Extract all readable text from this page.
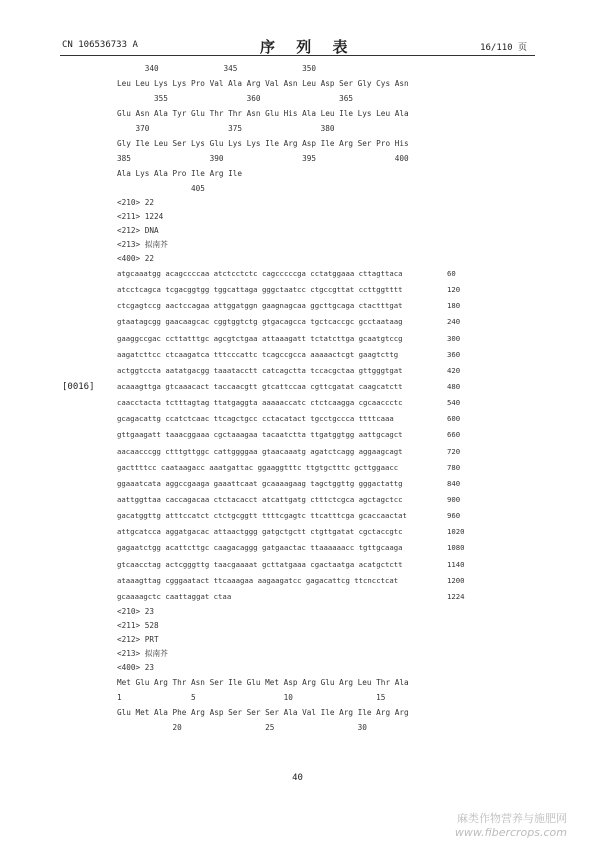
CN 106536733 A	序 列 表	16/110 页
[0016]
340              345              350
Leu Leu Lys Lys Pro Val Ala Arg Val Asn Leu Asp Ser Gly Cys Asn
355                 360                 365
Glu Asn Ala Tyr Glu Thr Thr Asn Glu His Ala Leu Ile Lys Leu Ala
370                 375                 380
Gly Ile Leu Ser Lys Glu Lys Lys Ile Arg Asp Ile Arg Ser Pro His
385                 390                 395                 400
Ala Lys Ala Pro Ile Arg Ile
405
<210> 22
<211> 1224
<212> DNA
<213> 拟南芥
<400> 22
atgcaaatgg acagccccaa atctcctctc cagcccccga cctatggaaa cttagttaca	60
atcctcagca tcgacggtgg tggcattaga gggctaatcc ctgccgttat ccttggtttt	120
ctcgagtccg aactccagaa attggatggn gaagnagcaa ggcttgcaga ctactttgat	180
gtaatagcgg gaacaagcac cggtggtctg gtgacagcca tgctcaccgc gcctaataag	240
gaaggccgac ccttatttgc agcgtctgaa attaaagatt tctatcttga gcaatgtccg	300
aagatcttcc ctcaagatca tttcccattc tcagccgcca aaaaactcgt gaagtcttg	360
actggtccta aatatgacgg taaatacctt catcagctta tccacgctaa gttgggtgat	420
acaaagttga gtcaaacact taccaacgtt gtcattccaa cgttcgatat caagcatctt	480
caacctacta tctttagtag ttatgaggta aaaaaccatc ctctcaagga cgcaaccctc	540
gcagacattg ccatctcaac ttcagctgcc cctacatact tgcctgccca ttttcaaa	600
gttgaagatt taaacggaaa cgctaaagaa tacaatctta ttgatggtgg aattgcagct	660
aacaacccgg ctttgttggc cattggggaa gtaacaaatg agatctcagg aggaagcagt	720
gacttttcc caataagacc aaatgattac ggaaggtttc ttgtgctttc gcttggaacc	780
ggaaatcata aggccgaaga gaaattcaat gcaaaagaag tagctggttg gggactattg	840
aattggttaa caccagacaa ctctacacct atcattgatg ctttctcgca agctagctcc	900
gacatggttg atttccatct ctctgcggtt ttttcgagtc ttcatttcga gcaccaactat	960
attgcatcca aggatgacac attaactggg gatgctgctt ctgttgatat cgctaccgtc	1020
gagaatctgg acattcttgc caagacaggg gatgaactac ttaaaaaacc tgttgcaaga	1080
gtcaacctag actcgggttg taacgaaaat gcttatgaaa cgactaatga acatgctctt	1140
ataaagttag cgggaatact ttcaaagaa aagaagatcc gagacattcg ttcncctcat	1200
gcaaaagctc caattaggat ctaa	1224
<210> 23
<211> 528
<212> PRT
<213> 拟南芥
<400> 23
Met Glu Arg Thr Asn Ser Ile Glu Met Asp Arg Glu Arg Leu Thr Ala
1               5                   10                  15
Glu Met Ala Phe Arg Asp Ser Ser Ser Ala Val Ile Arg Ile Arg Arg
20                  25                  30
40
麻类作物营养与施肥网
www.fibercrops.com
